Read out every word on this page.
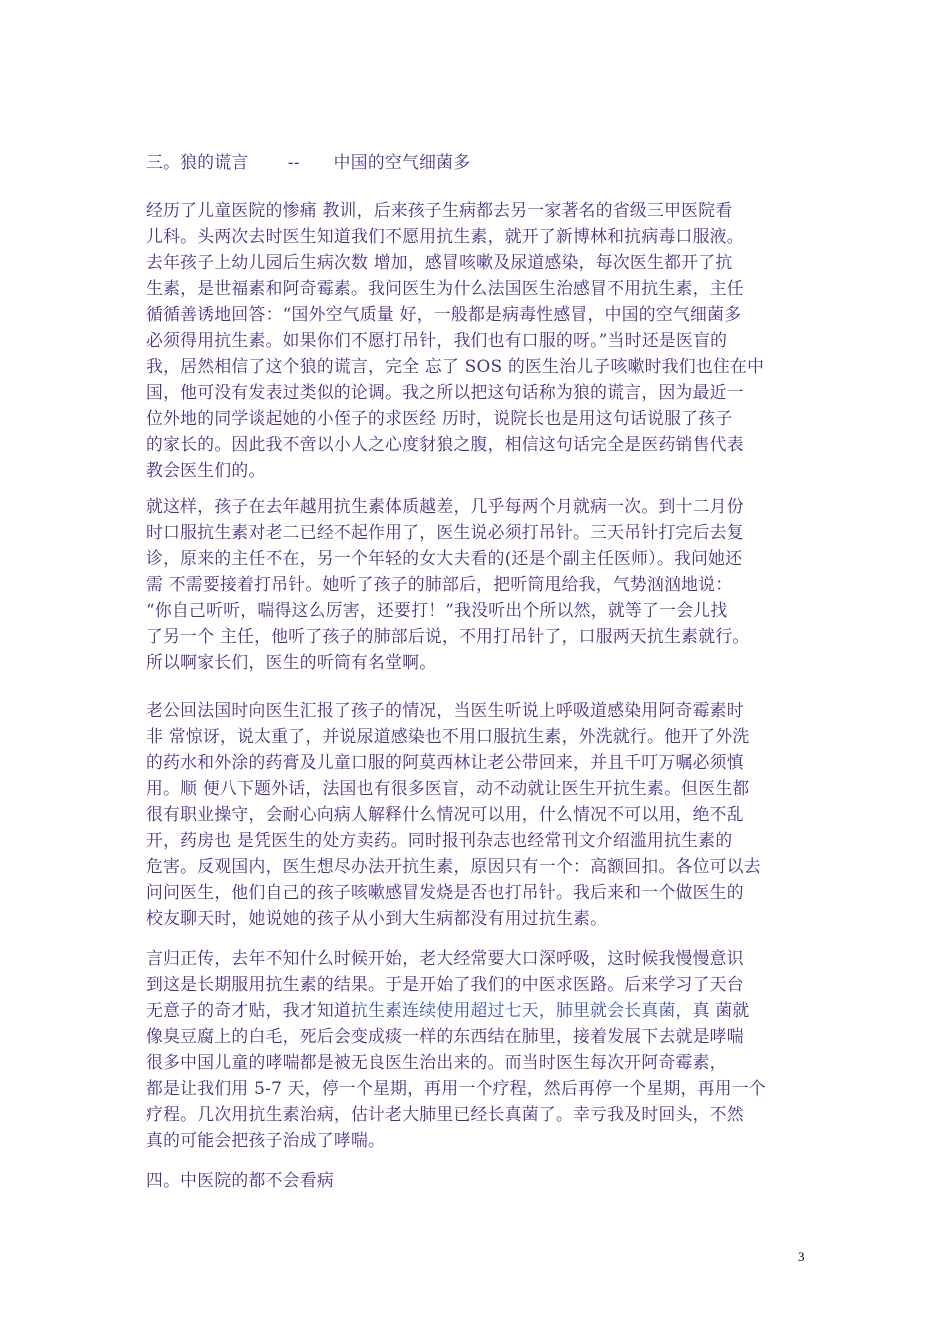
三。狼的谎言       --      中国的空气细菌多

经历了儿童医院的惨痛 教训，后来孩子生病都去另一家著名的省级三甲医院看
儿科。头两次去时医生知道我们不愿用抗生素，就开了新博林和抗病毒口服液。
去年孩子上幼儿园后生病次数 增加，感冒咳嗽及尿道感染，每次医生都开了抗
生素，是世福素和阿奇霉素。我问医生为什么法国医生治感冒不用抗生素，主任
循循善诱地回答：“国外空气质量 好，一般都是病毒性感冒，中国的空气细菌多
必须得用抗生素。如果你们不愿打吊针，我们也有口服的呀。”当时还是医盲的
我，居然相信了这个狼的谎言，完全 忘了 SOS 的医生治儿子咳嗽时我们也住在中
国，他可没有发表过类似的论调。我之所以把这句话称为狼的谎言，因为最近一
位外地的同学谈起她的小侄子的求医经 历时，说院长也是用这句话说服了孩子
的家长的。因此我不啻以小人之心度豺狼之腹，相信这句话完全是医药销售代表
教会医生们的。

就这样，孩子在去年越用抗生素体质越差，几乎每两个月就病一次。到十二月份
时口服抗生素对老二已经不起作用了，医生说必须打吊针。三天吊针打完后去复
诊，原来的主任不在，另一个年轻的女大夫看的(还是个副主任医师）。我问她还
需 不需要接着打吊针。她听了孩子的肺部后，把听筒甩给我，气势汹汹地说：
“你自己听听，喘得这么厉害，还要打！”我没听出个所以然，就等了一会儿找
了另一个 主任，他听了孩子的肺部后说，不用打吊针了，口服两天抗生素就行。
所以啊家长们，医生的听筒有名堂啊。

老公回法国时向医生汇报了孩子的情况，当医生听说上呼吸道感染用阿奇霉素时
非 常惊讶，说太重了，并说尿道感染也不用口服抗生素，外洗就行。他开了外洗
的药水和外涂的药膏及儿童口服的阿莫西林让老公带回来，并且千叮万嘱必须慎
用。顺 便八下题外话，法国也有很多医盲，动不动就让医生开抗生素。但医生都
很有职业操守，会耐心向病人解释什么情况可以用，什么情况不可以用，绝不乱
开，药房也 是凭医生的处方卖药。同时报刊杂志也经常刊文介绍滥用抗生素的
危害。反观国内，医生想尽办法开抗生素，原因只有一个：高额回扣。各位可以去
问问医生，他们自己的孩子咳嗽感冒发烧是否也打吊针。我后来和一个做医生的
校友聊天时，她说她的孩子从小到大生病都没有用过抗生素。

言归正传，去年不知什么时候开始，老大经常要大口深呼吸，这时候我慢慢意识
到这是长期服用抗生素的结果。于是开始了我们的中医求医路。后来学习了天台
无意子的奇才贴，我才知道抗生素连续使用超过七天，肺里就会长真菌，真 菌就
像臭豆腐上的白毛，死后会变成痰一样的东西结在肺里，接着发展下去就是哮喘
很多中国儿童的哮喘都是被无良医生治出来的。而当时医生每次开阿奇霉素，
都是让我们用 5-7 天，停一个星期，再用一个疗程，然后再停一个星期，再用一个
疗程。几次用抗生素治病，估计老大肺里已经长真菌了。幸亏我及时回头，不然
真的可能会把孩子治成了哮喘。

四。中医院的都不会看病

3
